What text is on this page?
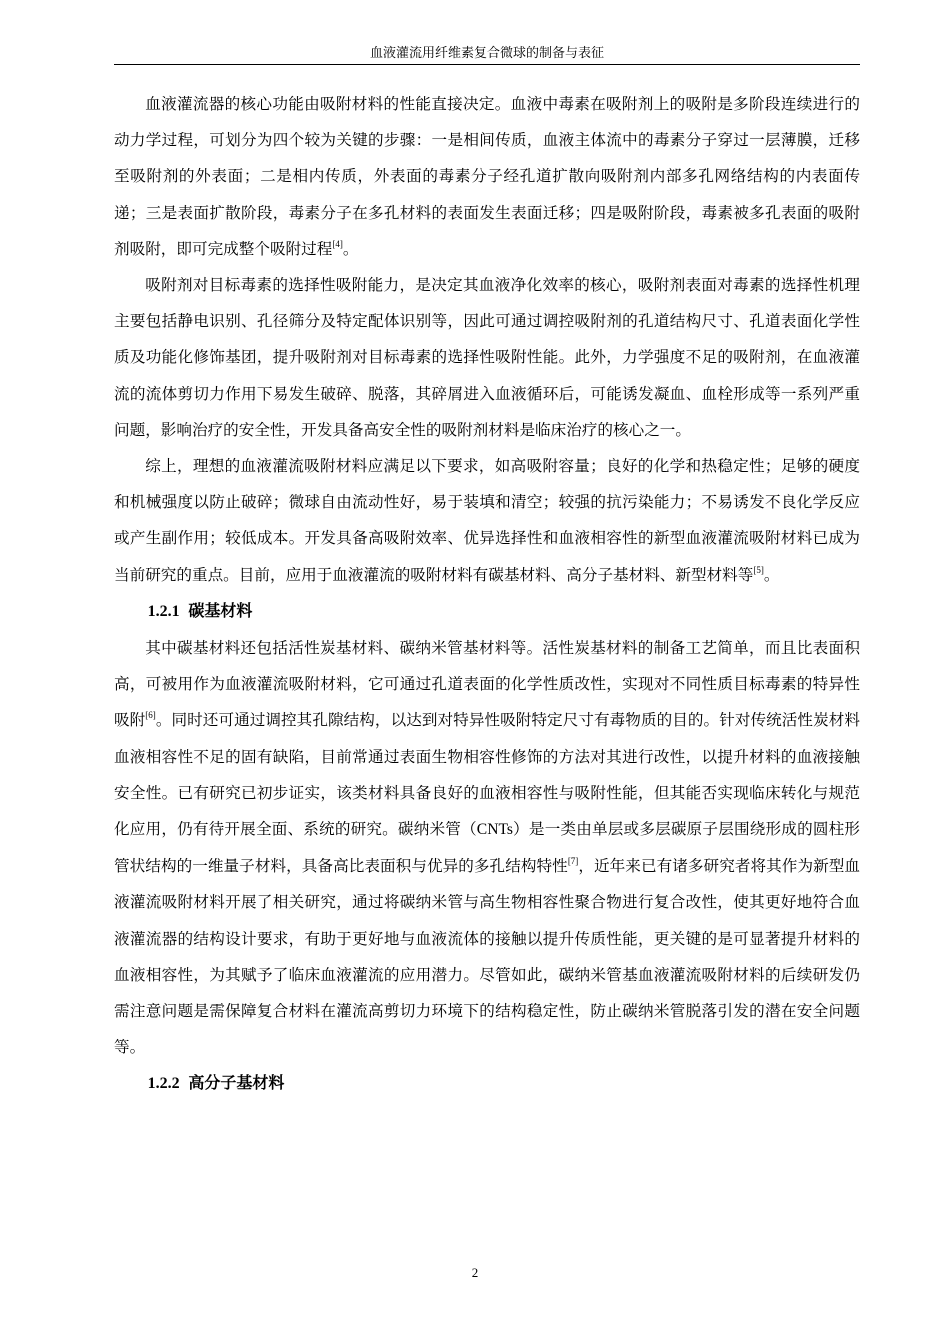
血液灌流用纤维素复合微球的制备与表征

血液灌流器的核心功能由吸附材料的性能直接决定。血液中毒素在吸附剂上的吸附是多阶段连续进行的动力学过程，可划分为四个较为关键的步骤：一是相间传质，血液主体流中的毒素分子穿过一层薄膜，迁移至吸附剂的外表面；二是相内传质，外表面的毒素分子经孔道扩散向吸附剂内部多孔网络结构的内表面传递；三是表面扩散阶段，毒素分子在多孔材料的表面发生表面迁移；四是吸附阶段，毒素被多孔表面的吸附剂吸附，即可完成整个吸附过程[4]。

吸附剂对目标毒素的选择性吸附能力，是决定其血液净化效率的核心，吸附剂表面对毒素的选择性机理主要包括静电识别、孔径筛分及特定配体识别等，因此可通过调控吸附剂的孔道结构尺寸、孔道表面化学性质及功能化修饰基团，提升吸附剂对目标毒素的选择性吸附性能。此外，力学强度不足的吸附剂，在血液灌流的流体剪切力作用下易发生破碎、脱落，其碎屑进入血液循环后，可能诱发凝血、血栓形成等一系列严重问题，影响治疗的安全性，开发具备高安全性的吸附剂材料是临床治疗的核心之一。

综上，理想的血液灌流吸附材料应满足以下要求，如高吸附容量；良好的化学和热稳定性；足够的硬度和机械强度以防止破碎；微球自由流动性好，易于装填和清空；较强的抗污染能力；不易诱发不良化学反应或产生副作用；较低成本。开发具备高吸附效率、优异选择性和血液相容性的新型血液灌流吸附材料已成为当前研究的重点。目前，应用于血液灌流的吸附材料有碳基材料、高分子基材料、新型材料等[5]。

1.2.1 碳基材料

其中碳基材料还包括活性炭基材料、碳纳米管基材料等。活性炭基材料的制备工艺简单，而且比表面积高，可被用作为血液灌流吸附材料，它可通过孔道表面的化学性质改性，实现对不同性质目标毒素的特异性吸附[6]。同时还可通过调控其孔隙结构，以达到对特异性吸附特定尺寸有毒物质的目的。针对传统活性炭材料血液相容性不足的固有缺陷，目前常通过表面生物相容性修饰的方法对其进行改性，以提升材料的血液接触安全性。已有研究已初步证实，该类材料具备良好的血液相容性与吸附性能，但其能否实现临床转化与规范化应用，仍有待开展全面、系统的研究。碳纳米管（CNTs）是一类由单层或多层碳原子层围绕形成的圆柱形管状结构的一维量子材料，具备高比表面积与优异的多孔结构特性[7]，近年来已有诸多研究者将其作为新型血液灌流吸附材料开展了相关研究，通过将碳纳米管与高生物相容性聚合物进行复合改性，使其更好地符合血液灌流器的结构设计要求，有助于更好地与血液流体的接触以提升传质性能，更关键的是可显著提升材料的血液相容性，为其赋予了临床血液灌流的应用潜力。尽管如此，碳纳米管基血液灌流吸附材料的后续研发仍需注意问题是需保障复合材料在灌流高剪切力环境下的结构稳定性，防止碳纳米管脱落引发的潜在安全问题等。

1.2.2 高分子基材料
2
